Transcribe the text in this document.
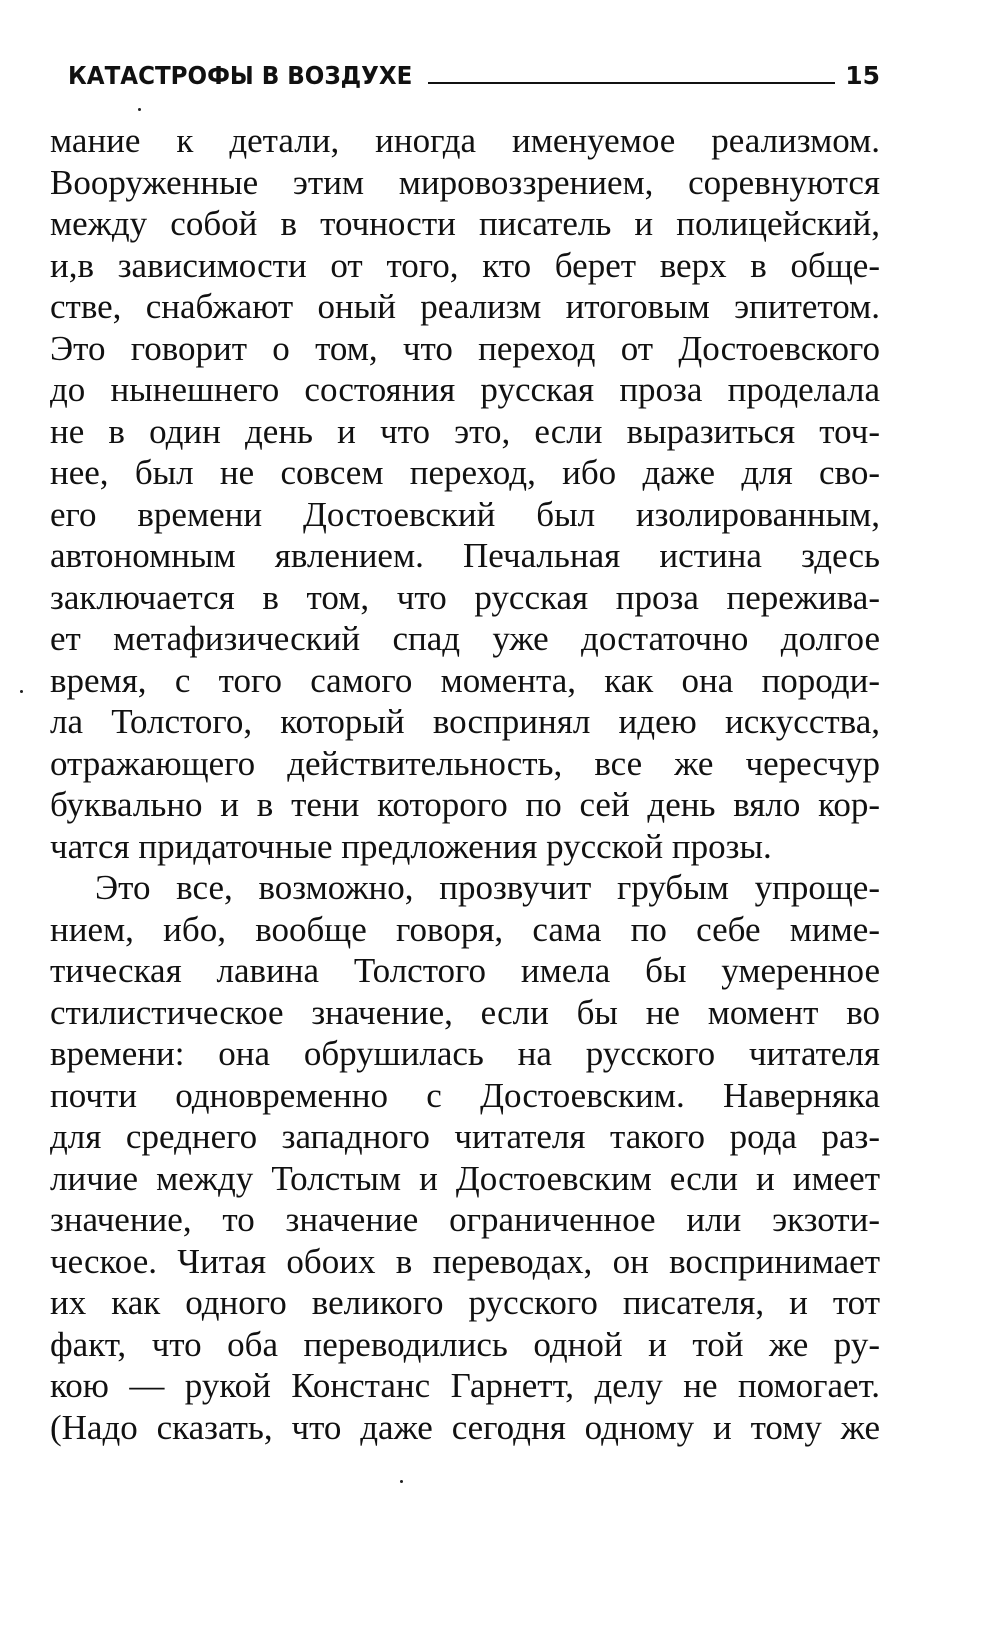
КАТАСТРОФЫ В ВОЗДУХЕ	15
мание к детали, иногда именуемое реализмом.
Вооруженные этим мировоззрением, соревнуются
между собой в точности писатель и полицейский,
и,в зависимости от того, кто берет верх в обще-
стве, снабжают оный реализм итоговым эпитетом.
Это говорит о том, что переход от Достоевского
до нынешнего состояния русская проза проделала
не в один день и что это, если выразиться точ-
нее, был не совсем переход, ибо даже для сво-
его времени Достоевский был изолированным,
автономным явлением. Печальная истина здесь
заключается в том, что русская проза пережива-
ет метафизический спад уже достаточно долгое
время, с того самого момента, как она породи-
ла Толстого, который воспринял идею искусства,
отражающего действительность, все же чересчур
буквально и в тени которого по сей день вяло кор-
чатся придаточные предложения русской прозы.
Это все, возможно, прозвучит грубым упроще-
нием, ибо, вообще говоря, сама по себе миме-
тическая лавина Толстого имела бы умеренное
стилистическое значение, если бы не момент во
времени: она обрушилась на русского читателя
почти одновременно с Достоевским. Наверняка
для среднего западного читателя такого рода раз-
личие между Толстым и Достоевским если и имеет
значение, то значение ограниченное или экзоти-
ческое. Читая обоих в переводах, он воспринимает
их как одного великого русского писателя, и тот
факт, что оба переводились одной и той же ру-
кою — рукой Констанс Гарнетт, делу не помогает.
(Надо сказать, что даже сегодня одному и тому же
